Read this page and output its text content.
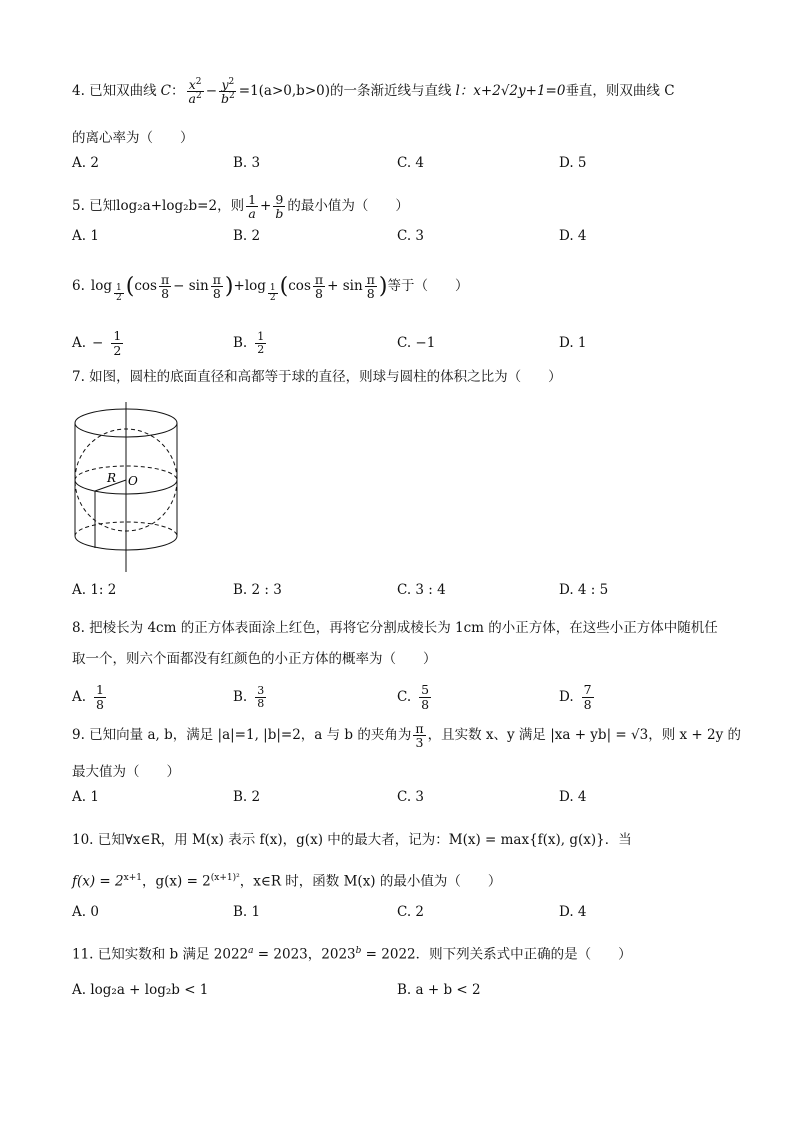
4. 已知双曲线 C ： $\frac{x^2}{a^2} - \frac{y^2}{b^2} =1(a>0,b>0)$ 的一条渐近线与直线 l：x+2√2y+1=0 垂直，则双曲线 C
的离心率为（　　）
A. 2	B. 3	C. 4	D. 5
5. 已知log₂a+log₂b=2，则 $\frac{1}{a} + \frac{9}{b}$ 的最小值为（　　）
A. 1	B. 2	C. 3	D. 4
6. $\log \frac{1}{2}$ ( $\cos \frac{\pi}{8} - \sin \frac{\pi}{8}$ ) $+\log \frac{1}{2}$ ( $\cos \frac{\pi}{8} + \sin \frac{\pi}{8}$ ) 等于（　　）
A. − $\frac{1}{2}$	B. $\frac{1}{2}$	C. −1	D. 1
7. 如图，圆柱的底面直径和高都等于球的直径，则球与圆柱的体积之比为（　　）
R O
A. 1: 2	B. 2 : 3	C. 3 : 4	D. 4 : 5
8. 把棱长为 4cm 的正方体表面涂上红色，再将它分割成棱长为 1cm 的小正方体，在这些小正方体中随机任
取一个，则六个面都没有红颜色的小正方体的概率为（　　）
A. $\frac{1}{8}$	B. $\frac{3}{8}$	C. $\frac{5}{8}$	D. $\frac{7}{8}$
9. 已知向量 a, b，满足 |a|=1, |b|=2，a 与 b 的夹角为 $\frac{\pi}{3}$ ，且实数 x、y 满足 |xa + yb| = √3，则 x + 2y 的
最大值为（　　）
A. 1	B. 2	C. 3	D. 4
10. 已知∀x∈R，用 M(x) 表示 f(x)，g(x) 中的最大者，记为：M(x) = max{f(x), g(x)}．当
$f(x) = 2^{x+1}$，$g(x) = 2^{(x+1)^2}$，x∈R 时，函数 M(x) 的最小值为（　　）
A. 0	B. 1	C. 2	D. 4
11. 已知实数和 b 满足 $2022^a = 2023$，$2023^b = 2022$．则下列关系式中正确的是（　　）
A. log₂a + log₂b < 1	B. a + b < 2
